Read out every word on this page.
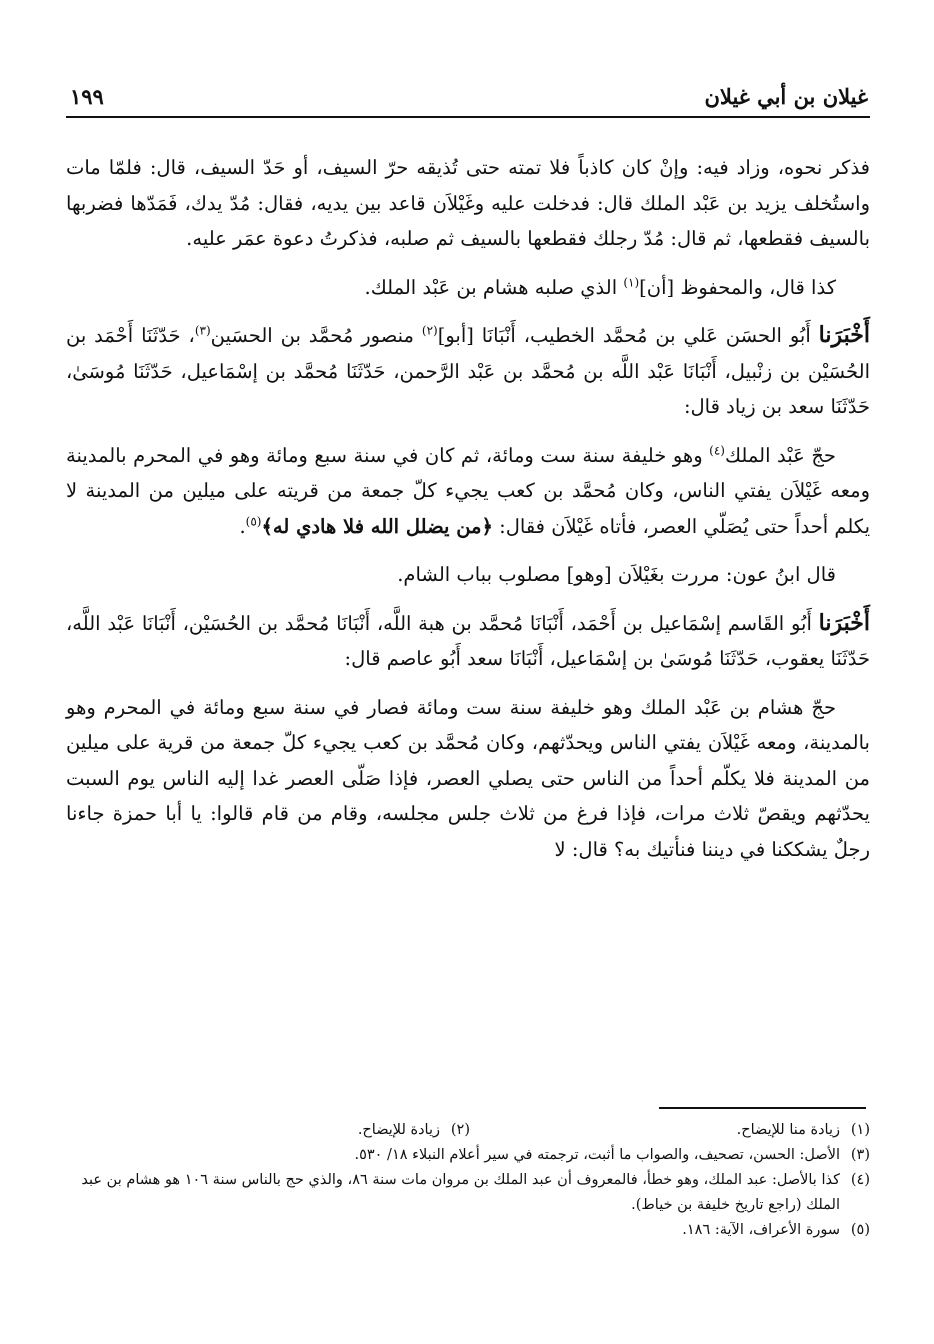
غيلان بن أبي غيلان
١٩٩

فذكر نحوه، وزاد فيه: وإنْ كان كاذباً فلا تمته حتى تُذيقه حرّ السيف، أو حَدّ السيف، قال: فلمّا مات واستُخلف يزيد بن عَبْد الملك قال: فدخلت عليه وغَيْلاَن قاعد بين يديه، فقال: مُدّ يدك، فَمَدّها فضربها بالسيف فقطعها، ثم قال: مُدّ رجلك فقطعها بالسيف ثم صلبه، فذكرتُ دعوة عمَر عليه.

كذا قال، والمحفوظ [أن]$^{(١)}$ الذي صلبه هشام بن عَبْد الملك.

أَخْبَرَنا أَبُو الحسَن عَلي بن مُحمَّد الخطيب، أَنْبَانَا [أبو]$^{(٢)}$ منصور مُحمَّد بن الحسَين$^{(٣)}$، حَدّثَنَا أَحْمَد بن الحُسَيْن بن زنْبيل، أَنْبَانَا عَبْد اللَّه بن مُحمَّد بن عَبْد الرَّحمن، حَدّثَنَا مُحمَّد بن إسْمَاعيل، حَدّثَنَا مُوسَىٰ، حَدّثَنَا سعد بن زياد قال:

حجّ عَبْد الملك$^{(٤)}$ وهو خليفة سنة ست ومائة، ثم كان في سنة سبع ومائة وهو في المحرم بالمدينة ومعه غَيْلاَن يفتي الناس، وكان مُحمَّد بن كعب يجيء كلّ جمعة من قريته على ميلين من المدينة لا يكلم أحداً حتى يُصَلّي العصر، فأتاه غَيْلاَن فقال: ﴿من يضلل الله فلا هادي له﴾$^{(٥)}$.

قال ابنُ عون: مررت بغَيْلاَن [وهو] مصلوب بباب الشام.

أَخْبَرَنا أَبُو القَاسم إسْمَاعيل بن أَحْمَد، أَنْبَانَا مُحمَّد بن هبة اللَّه، أَنْبَانَا مُحمَّد بن الحُسَيْن، أَنْبَانَا عَبْد اللَّه، حَدّثَنَا يعقوب، حَدّثَنَا مُوسَىٰ بن إسْمَاعيل، أَنْبَانَا سعد أَبُو عاصم قال:

حجّ هشام بن عَبْد الملك وهو خليفة سنة ست ومائة فصار في سنة سبع ومائة في المحرم وهو بالمدينة، ومعه غَيْلاَن يفتي الناس ويحدّثهم، وكان مُحمَّد بن كعب يجيء كلّ جمعة من قرية على ميلين من المدينة فلا يكلّم أحداً من الناس حتى يصلي العصر، فإذا صَلّى العصر غدا إليه الناس يوم السبت يحدّثهم ويقصّ ثلاث مرات، فإذا فرغ من ثلاث جلس مجلسه، وقام من قام قالوا: يا أبا حمزة جاءنا رجلٌ يشككنا في ديننا فنأتيك به؟ قال: لا

(١)
زيادة منا للإيضاح.
(٢)
زيادة للإيضاح.
(٣)
الأصل: الحسن، تصحيف، والصواب ما أثبت، ترجمته في سير أعلام النبلاء ١٨/ ٥٣٠.
(٤)
كذا بالأصل: عبد الملك، وهو خطأ، فالمعروف أن عبد الملك بن مروان مات سنة ٨٦، والذي حج بالناس سنة ١٠٦ هو هشام بن عبد الملك (راجع تاريخ خليفة بن خياط).
(٥)
سورة الأعراف، الآية: ١٨٦.
